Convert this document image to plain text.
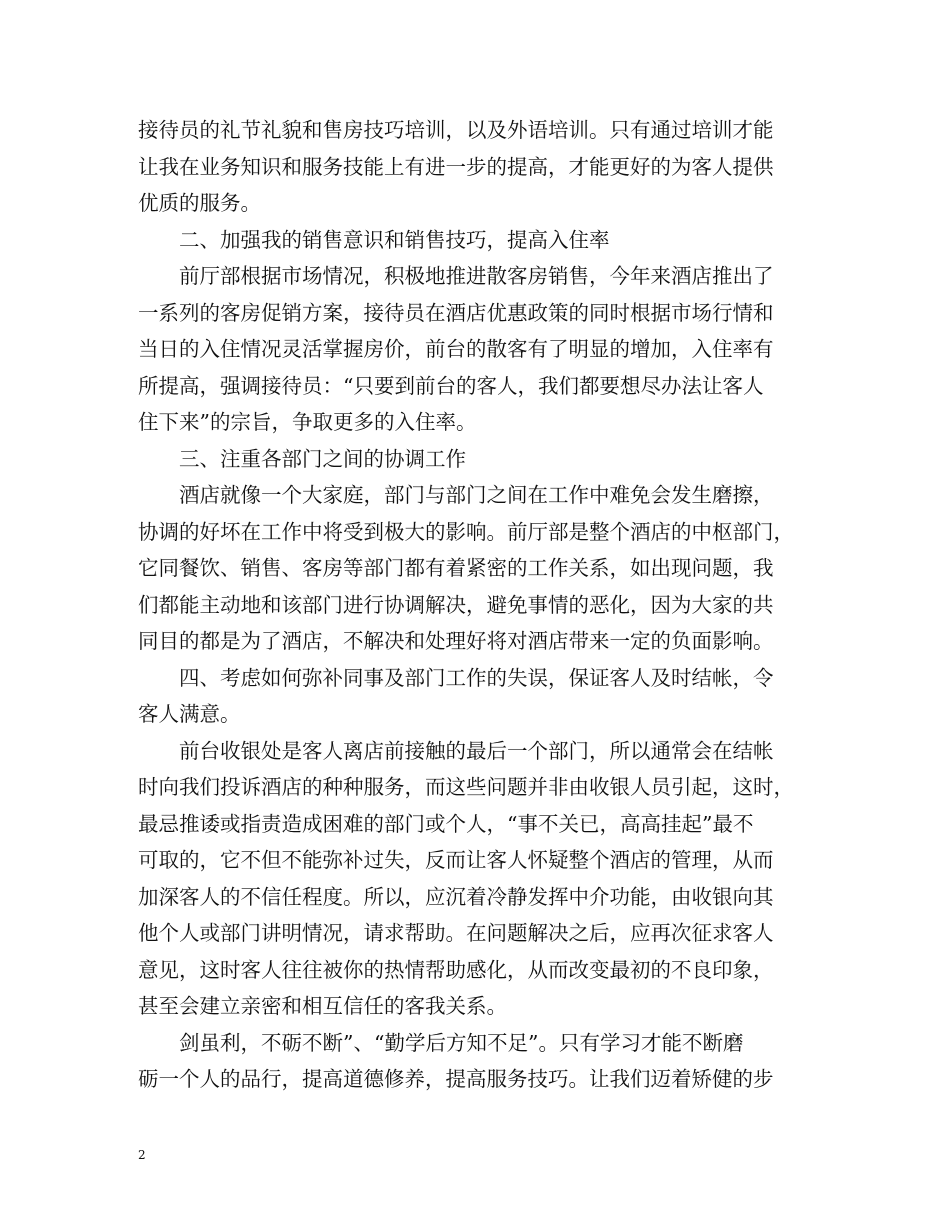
接待员的礼节礼貌和售房技巧培训，以及外语培训。只有通过培训才能
让我在业务知识和服务技能上有进一步的提高，才能更好的为客人提供
优质的服务。
二、加强我的销售意识和销售技巧，提高入住率
前厅部根据市场情况，积极地推进散客房销售，今年来酒店推出了
一系列的客房促销方案，接待员在酒店优惠政策的同时根据市场行情和
当日的入住情况灵活掌握房价，前台的散客有了明显的增加，入住率有
所提高，强调接待员：“只要到前台的客人，我们都要想尽办法让客人
住下来”的宗旨，争取更多的入住率。
三、注重各部门之间的协调工作
酒店就像一个大家庭，部门与部门之间在工作中难免会发生磨擦，
协调的好坏在工作中将受到极大的影响。前厅部是整个酒店的中枢部门，
它同餐饮、销售、客房等部门都有着紧密的工作关系，如出现问题，我
们都能主动地和该部门进行协调解决，避免事情的恶化，因为大家的共
同目的都是为了酒店，不解决和处理好将对酒店带来一定的负面影响。
四、考虑如何弥补同事及部门工作的失误，保证客人及时结帐，令
客人满意。
前台收银处是客人离店前接触的最后一个部门，所以通常会在结帐
时向我们投诉酒店的种种服务，而这些问题并非由收银人员引起，这时，
最忌推诿或指责造成困难的部门或个人，“事不关已，高高挂起”最不
可取的，它不但不能弥补过失，反而让客人怀疑整个酒店的管理，从而
加深客人的不信任程度。所以，应沉着冷静发挥中介功能，由收银向其
他个人或部门讲明情况，请求帮助。在问题解决之后，应再次征求客人
意见，这时客人往往被你的热情帮助感化，从而改变最初的不良印象，
甚至会建立亲密和相互信任的客我关系。
剑虽利，不砺不断”、“勤学后方知不足”。只有学习才能不断磨
砺一个人的品行，提高道德修养，提高服务技巧。让我们迈着矫健的步
2
